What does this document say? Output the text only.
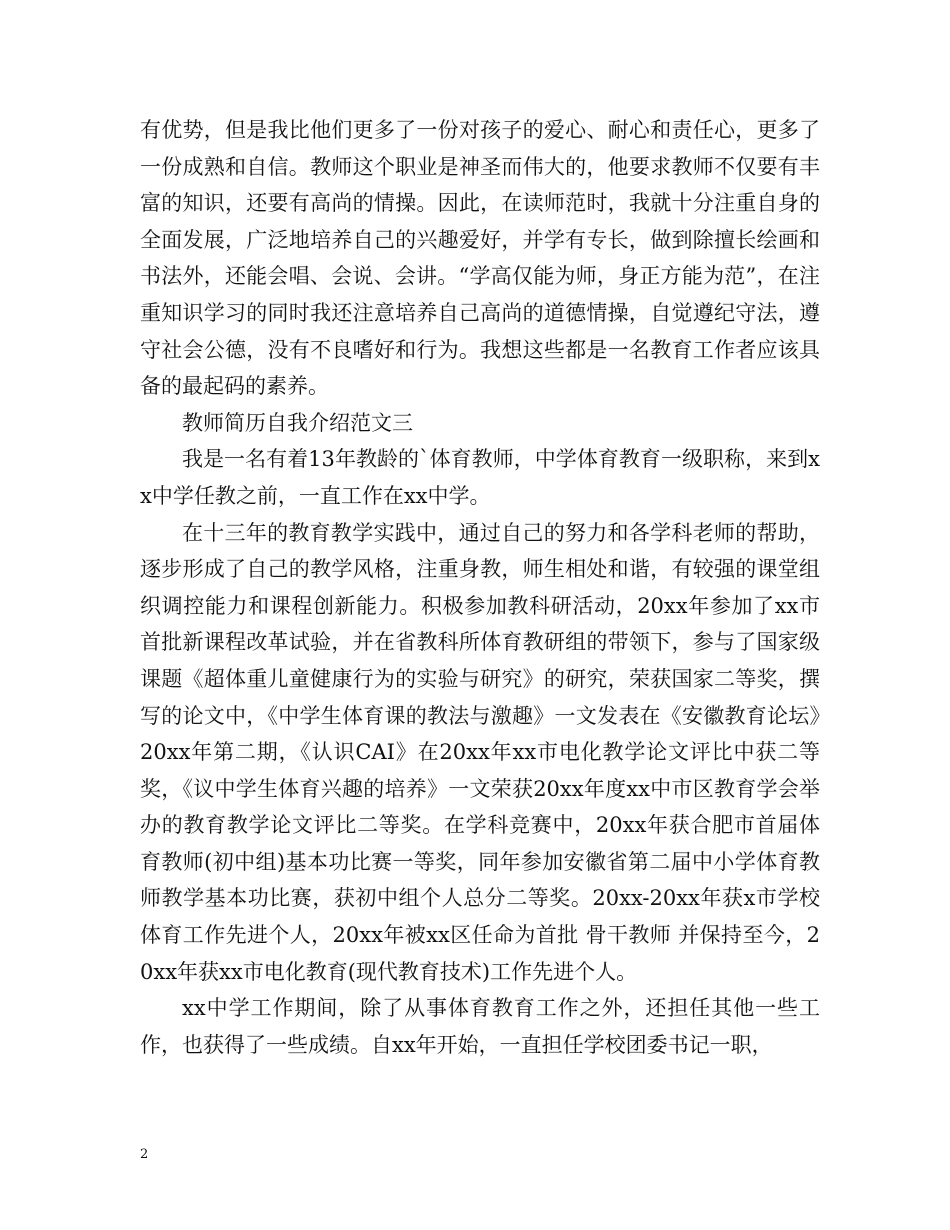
有优势，但是我比他们更多了一份对孩子的爱心、耐心和责任心，更多了一份成熟和自信。教师这个职业是神圣而伟大的，他要求教师不仅要有丰富的知识，还要有高尚的情操。因此，在读师范时，我就十分注重自身的全面发展，广泛地培养自己的兴趣爱好，并学有专长，做到除擅长绘画和书法外，还能会唱、会说、会讲。“学高仅能为师，身正方能为范”，在注重知识学习的同时我还注意培养自己高尚的道德情操，自觉遵纪守法，遵守社会公德，没有不良嗜好和行为。我想这些都是一名教育工作者应该具备的最起码的素养。

教师简历自我介绍范文三

我是一名有着13年教龄的`体育教师，中学体育教育一级职称，来到xx中学任教之前，一直工作在xx中学。

在十三年的教育教学实践中，通过自己的努力和各学科老师的帮助，逐步形成了自己的教学风格，注重身教，师生相处和谐，有较强的课堂组织调控能力和课程创新能力。积极参加教科研活动，20xx年参加了xx市首批新课程改革试验，并在省教科所体育教研组的带领下，参与了国家级课题《超体重儿童健康行为的实验与研究》的研究，荣获国家二等奖，撰写的论文中，《中学生体育课的教法与激趣》一文发表在《安徽教育论坛》20xx年第二期，《认识CAI》在20xx年xx市电化教学论文评比中获二等奖，《议中学生体育兴趣的培养》一文荣获20xx年度xx中市区教育学会举办的教育教学论文评比二等奖。在学科竞赛中，20xx年获合肥市首届体育教师(初中组)基本功比赛一等奖，同年参加安徽省第二届中小学体育教师教学基本功比赛，获初中组个人总分二等奖。20xx-20xx年获x市学校体育工作先进个人，20xx年被xx区任命为首批 骨干教师 并保持至今，20xx年获xx市电化教育(现代教育技术)工作先进个人。

xx中学工作期间，除了从事体育教育工作之外，还担任其他一些工作，也获得了一些成绩。自xx年开始，一直担任学校团委书记一职，

2
